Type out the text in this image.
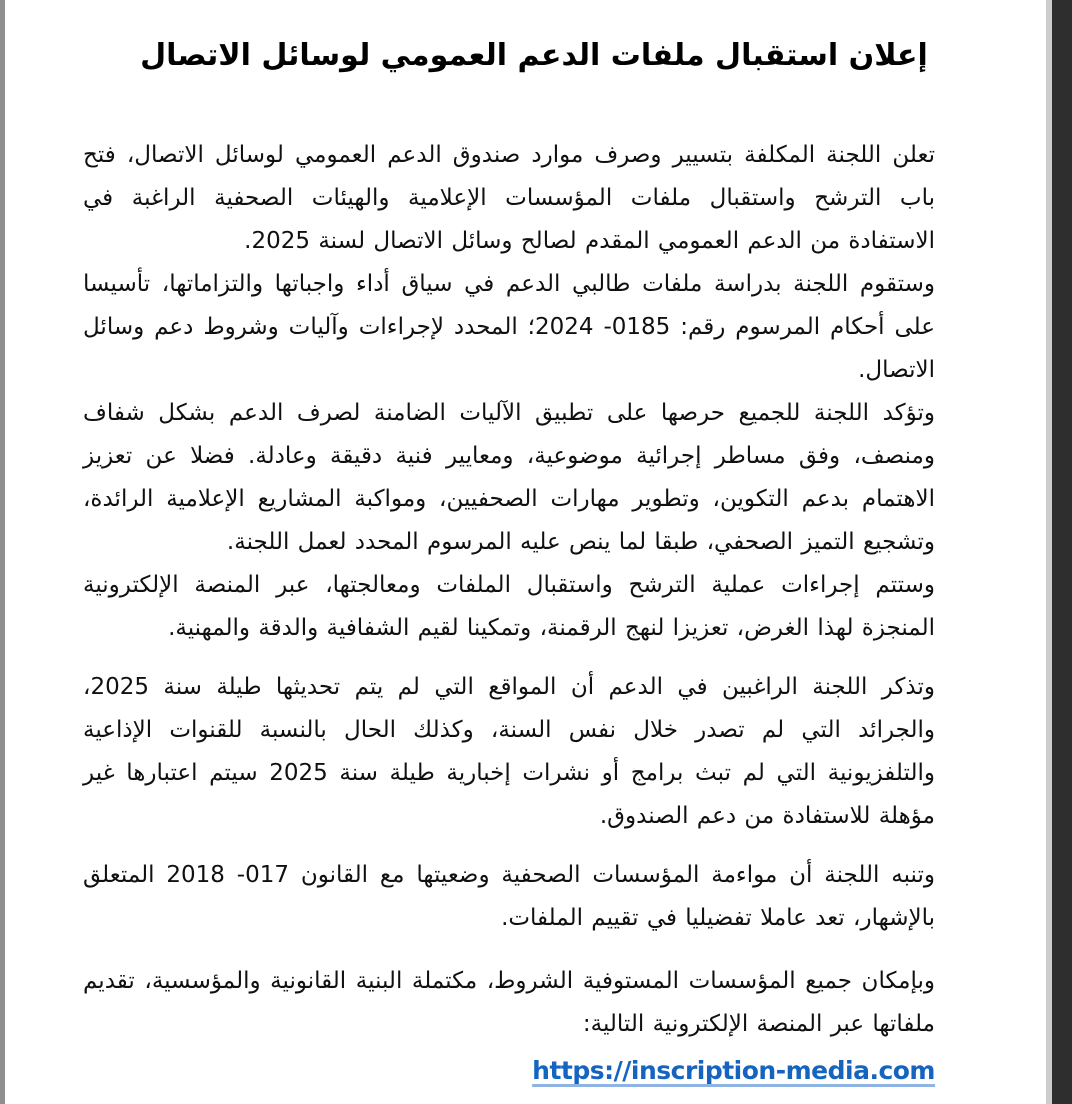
إعلان استقبال ملفات الدعم العمومي لوسائل الاتصال

تعلن اللجنة المكلفة بتسيير وصرف موارد صندوق الدعم العمومي لوسائل الاتصال، فتح باب الترشح واستقبال ملفات المؤسسات الإعلامية والهيئات الصحفية الراغبة في الاستفادة من الدعم العمومي المقدم لصالح وسائل الاتصال لسنة 2025.

وستقوم اللجنة بدراسة ملفات طالبي الدعم في سياق أداء واجباتها والتزاماتها، تأسيسا على أحكام المرسوم رقم: 0185- 2024؛ المحدد لإجراءات وآليات وشروط دعم وسائل الاتصال.

وتؤكد اللجنة للجميع حرصها على تطبيق الآليات الضامنة لصرف الدعم بشكل شفاف ومنصف، وفق مساطر إجرائية موضوعية، ومعايير فنية دقيقة وعادلة. فضلا عن تعزيز الاهتمام بدعم التكوين، وتطوير مهارات الصحفيين، ومواكبة المشاريع الإعلامية الرائدة، وتشجيع التميز الصحفي، طبقا لما ينص عليه المرسوم المحدد لعمل اللجنة.

وستتم إجراءات عملية الترشح واستقبال الملفات ومعالجتها، عبر المنصة الإلكترونية المنجزة لهذا الغرض، تعزيزا لنهج الرقمنة، وتمكينا لقيم الشفافية والدقة والمهنية.

وتذكر اللجنة الراغبين في الدعم أن المواقع التي لم يتم تحديثها طيلة سنة 2025، والجرائد التي لم تصدر خلال نفس السنة، وكذلك الحال بالنسبة للقنوات الإذاعية والتلفزيونية التي لم تبث برامج أو نشرات إخبارية طيلة سنة 2025 سيتم اعتبارها غير مؤهلة للاستفادة من دعم الصندوق.

وتنبه اللجنة أن مواءمة المؤسسات الصحفية وضعيتها مع القانون 017- 2018 المتعلق بالإشهار، تعد عاملا تفضيليا في تقييم الملفات.

وبإمكان جميع المؤسسات المستوفية الشروط، مكتملة البنية القانونية والمؤسسية، تقديم ملفاتها عبر المنصة الإلكترونية التالية:

https://inscription-media.com
